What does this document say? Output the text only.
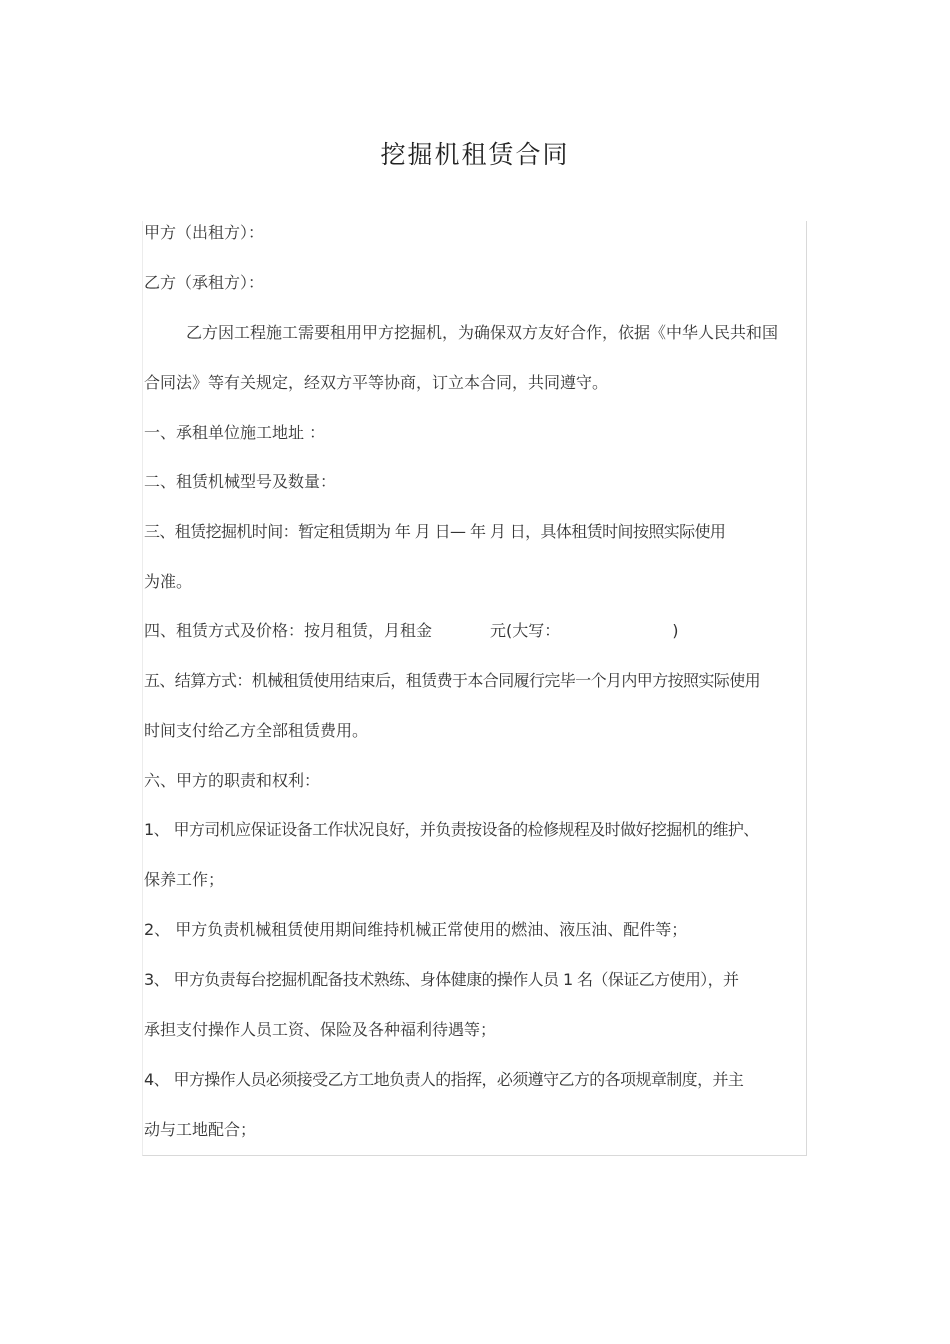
挖掘机租赁合同
甲方（出租方）：
乙方（承租方）：
乙方因工程施工需要租用甲方挖掘机，为确保双方友好合作，依据《中华人民共和国
合同法》等有关规定，经双方平等协商，订立本合同，共同遵守。
一、承租单位施工地址 ：
二、租赁机械型号及数量：
三、租赁挖掘机时间：暂定租赁期为 年 月 日— 年 月 日，具体租赁时间按照实际使用
为准。
四、租赁方式及价格：按月租赁，月租金	元(大写：	)
五、结算方式：机械租赁使用结束后，租赁费于本合同履行完毕一个月内甲方按照实际使用
时间支付给乙方全部租赁费用。
六、甲方的职责和权利：
1、 甲方司机应保证设备工作状况良好，并负责按设备的检修规程及时做好挖掘机的维护、
保养工作；
2、 甲方负责机械租赁使用期间维持机械正常使用的燃油、液压油、配件等；
3、 甲方负责每台挖掘机配备技术熟练、身体健康的操作人员 1 名（保证乙方使用），并
承担支付操作人员工资、保险及各种福利待遇等；
4、 甲方操作人员必须接受乙方工地负责人的指挥，必须遵守乙方的各项规章制度，并主
动与工地配合；
